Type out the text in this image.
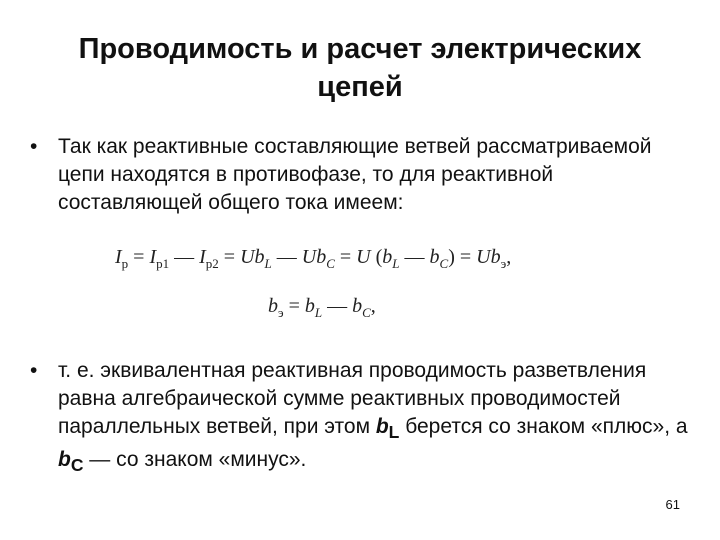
Проводимость и расчет электрических цепей
• Так как реактивные составляющие ветвей рассматриваемой цепи находятся в противофазе, то для реактивной составляющей общего тока имеем:
$I_р = I_{р1}$ — $I_{р2} = Ub_L$ — $Ub_C = U$ ($b_L$ — $b_C) = Ub_э$,
$b_э = b_L$ — $b_C$,
• т. е. эквивалентная реактивная проводимость разветвления равна алгебраической сумме реактивных проводимостей параллельных ветвей, при этом $b_L$ берется со знаком «плюс», а $b_C$ — со знаком «минус».
61
